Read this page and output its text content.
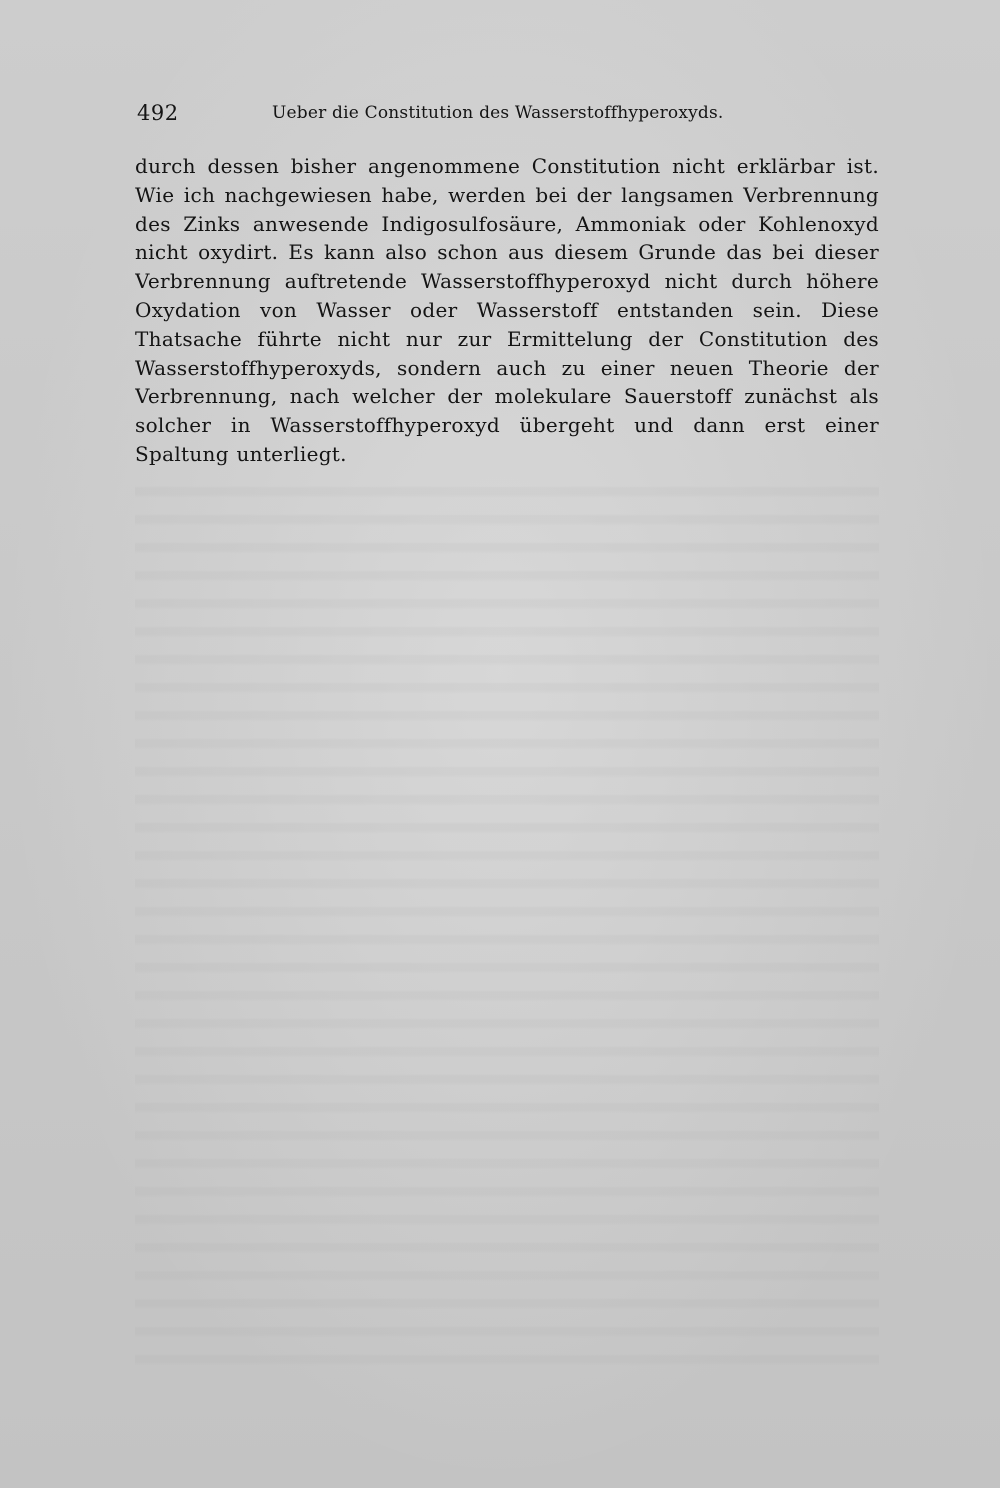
492	Ueber die Constitution des Wasserstoffhyperoxyds.
durch dessen bisher angenommene Constitution nicht erklärbar ist.
Wie ich nachgewiesen habe, werden bei der langsamen Verbrennung
des Zinks anwesende Indigosulfosäure, Ammoniak oder Kohlenoxyd
nicht oxydirt. Es kann also schon aus diesem Grunde das bei dieser
Verbrennung auftretende Wasserstoffhyperoxyd nicht durch höhere
Oxydation von Wasser oder Wasserstoff entstanden sein. Diese
Thatsache führte nicht nur zur Ermittelung der Constitution des
Wasserstoffhyperoxyds, sondern auch zu einer neuen Theorie der
Verbrennung, nach welcher der molekulare Sauerstoff zunächst als
solcher in Wasserstoffhyperoxyd übergeht und dann erst einer
Spaltung unterliegt.
